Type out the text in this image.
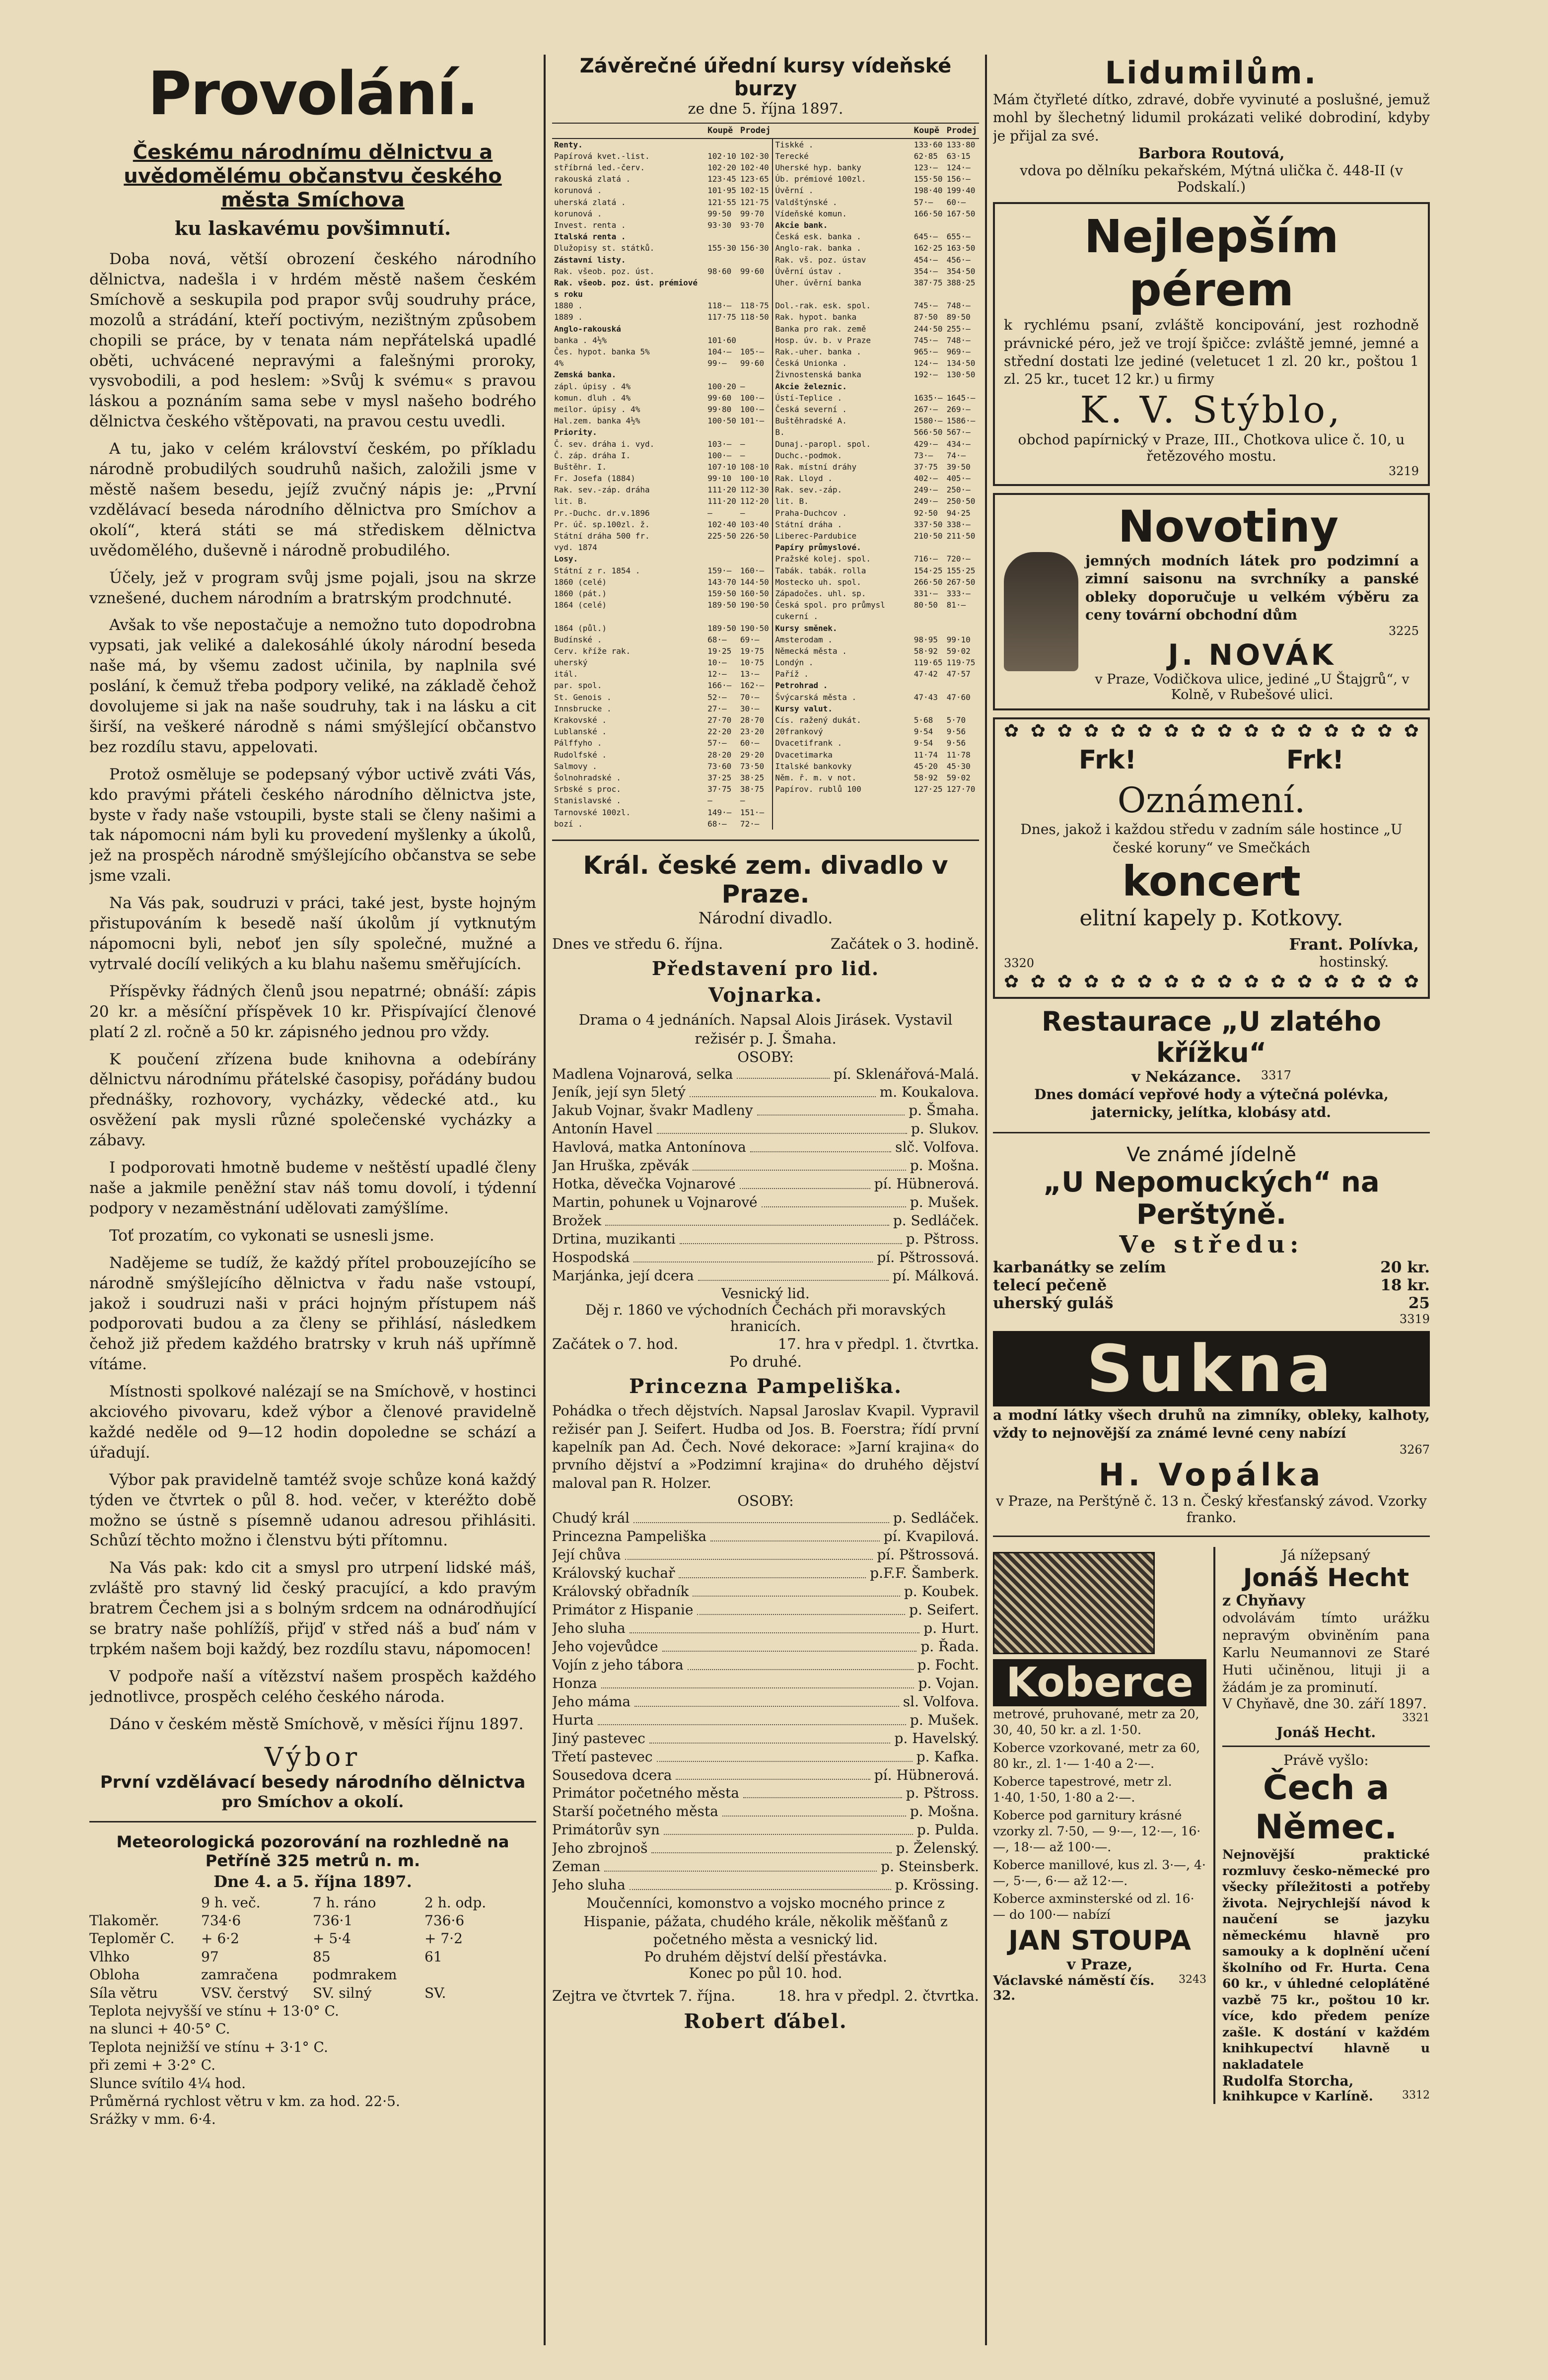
Provolání.
Českému národnímu dělnictvu a uvědomělému občanstvu českého města Smíchova
ku laskavému povšimnutí.

Doba nová, větší obrození českého národního dělnictva, nadešla i v hrdém městě našem českém Smíchově a seskupila pod prapor svůj soudruhy práce, mozolů a strádání, kteří poctivým, nezištným způsobem chopili se práce, by v tenata nám nepřátelská upadlé oběti, uchvácené nepravými a falešnými proroky, vysvobodili, a pod heslem: »Svůj k svému« s pravou láskou a poznáním sama sebe v mysl našeho bodrého dělnictva českého vštěpovati, na pravou cestu uvedli.

A tu, jako v celém království českém, po příkladu národně probudilých soudruhů našich, založili jsme v městě našem besedu, jejíž zvučný nápis je: „První vzdělávací beseda národního dělnictva pro Smíchov a okolí“, která státi se má střediskem dělnictva uvědomělého, duševně i národně probudilého.

Účely, jež v program svůj jsme pojali, jsou na skrze vznešené, duchem národním a bratrským prodchnuté.

Avšak to vše nepostačuje a nemožno tuto dopodrobna vypsati, jak veliké a dalekosáhlé úkoly národní beseda naše má, by všemu zadost učinila, by naplnila své poslání, k čemuž třeba podpory veliké, na základě čehož dovolujeme si jak na naše soudruhy, tak i na lásku a cit širší, na veškeré národně s námi smýšlející občanstvo bez rozdílu stavu, appelovati.

Protož osměluje se podepsaný výbor uctivě zváti Vás, kdo pravými přáteli českého národního dělnictva jste, byste v řady naše vstoupili, byste stali se členy našimi a tak nápomocni nám byli ku provedení myšlenky a úkolů, jež na prospěch národně smýšlejícího občanstva se sebe jsme vzali.

Na Vás pak, soudruzi v práci, také jest, byste hojným přistupováním k besedě naší úkolům jí vytknutým nápomocni byli, neboť jen síly společné, mužné a vytrvalé docílí velikých a ku blahu našemu směřujících.

Příspěvky řádných členů jsou nepatrné; obnáší: zápis 20 kr. a měsíční příspěvek 10 kr. Přispívající členové platí 2 zl. ročně a 50 kr. zápisného jednou pro vždy.

K poučení zřízena bude knihovna a odebírány dělnictvu národnímu přátelské časopisy, pořádány budou přednášky, rozhovory, vycházky, vědecké atd., ku osvěžení pak mysli různé společenské vycházky a zábavy.

I podporovati hmotně budeme v neštěstí upadlé členy naše a jakmile peněžní stav náš tomu dovolí, i týdenní podpory v nezaměstnání udělovati zamýšlíme.

Toť prozatím, co vykonati se usnesli jsme.

Nadějeme se tudíž, že každý přítel probouzejícího se národně smýšlejícího dělnictva v řadu naše vstoupí, jakož i soudruzi naši v práci hojným přístupem náš podporovati budou a za členy se přihlásí, následkem čehož již předem každého bratrsky v kruh náš upřímně vítáme.

Místnosti spolkové nalézají se na Smíchově, v hostinci akciového pivovaru, kdež výbor a členové pravidelně každé neděle od 9—12 hodin dopoledne se schází a úřadují.

Výbor pak pravidelně tamtéž svoje schůze koná každý týden ve čtvrtek o půl 8. hod. večer, v kteréžto době možno se ústně s písemně udanou adresou přihlásiti. Schůzí těchto možno i členstvu býti přítomnu.

Na Vás pak: kdo cit a smysl pro utrpení lidské máš, zvláště pro stavný lid český pracující, a kdo pravým bratrem Čechem jsi a s bolným srdcem na odnárodňující se bratry naše pohlížíš, přijď v střed náš a buď nám v trpkém našem boji každý, bez rozdílu stavu, nápomocen!

V podpoře naší a vítězství našem prospěch každého jednotlivce, prospěch celého českého národa.

Dáno v českém městě Smíchově, v měsíci říjnu 1897.

Výbor
První vzdělávací besedy národního dělnictva
pro Smíchov a okolí.
Meteorologická pozorování na rozhledně na Petříně 325 metrů n. m.
Dne 4. a 5. října 1897.
9 h. več.	7 h. ráno	2 h. odp.
Tlakoměr.	734·6	736·1	736·6
Teploměr C.	+ 6·2	+ 5·4	+ 7·2
Vlhko	97	85	61
Obloha	zamračena	podmrakem
Síla větru	VSV. čerstvý	SV. silný	SV.
Teplota nejvyšší ve stínu + 13·0° C.
na slunci + 40·5° C.
Teplota nejnižší ve stínu + 3·1° C.
při zemi + 3·2° C.
Slunce svítilo 4¼ hod.
Průměrná rychlost větru v km. za hod. 22·5.
Srážky v mm. 6·4.
Závěrečné úřední kursy vídeňské burzy
ze dne 5. října 1897.
	Koupě	Prodej		Koupě	Prodej
Renty.			Tiskké .	133·60	133·80
Papírová kvet.-list.	102·10	102·30	Terecké	62·85	63·15
stříbrná led.-červ.	102·20	102·40	Uherské hyp. banky	123·—	124·—
rakouská zlatá .	123·45	123·65	Úb. prémiové 100zl.	155·50	156·—
korunová .	101·95	102·15	Úvěrní .	198·40	199·40
uherská zlatá .	121·55	121·75	Valdštýnské .	57·—	60·—
korunová .	99·50	99·70	Vídeňské komun.	166·50	167·50
Invest. renta .	93·30	93·70	Akcie bank.		
Italská renta .			Česká esk. banka .	645·—	655·—
Dlužopisy st. státků.	155·30	156·30	Anglo-rak. banka .	162·25	163·50
Zástavní listy.			Rak. vš. poz. ústav	454·—	456·—
Rak. všeob. poz. úst.	98·60	99·60	Úvěrní ústav .	354·—	354·50
Rak. všeob. poz. úst. prémiové s roku			Uher. úvěrní banka	387·75	388·25
1880 .	118·—	118·75	Dol.-rak. esk. spol.	745·—	748·—
1889 .	117·75	118·50	Rak. hypot. banka	87·50	89·50
Anglo-rakouská			Banka pro rak. země	244·50	255·—
banka . 4½%	101·60		Hosp. úv. b. v Praze	745·—	748·—
Čes. hypot. banka 5%	104·—	105·—	Rak.-uher. banka .	965·—	969·—
4%	99·—	99·60	Česká Unionka .	124·—	134·50
Zemská banka.			Živnostenská banka	192·—	130·50
zápl. úpisy . 4%	100·20	—	Akcie železnic.		
komun. dluh . 4%	99·60	100·—	Ústí-Teplice .	1635·—	1645·—
meilor. úpisy . 4%	99·80	100·—	Česká severní .	267·—	269·—
Hal.zem. banka 4½%	100·50	101·—	Buštěhradské A.	1580·—	1586·—
Priority.			B.	566·50	567·—
Č. sev. dráha i. vyd.	103·—	—	Dunaj.-paropl. spol.	429·—	434·—
Č. záp. dráha I.	100·—	—	Duchc.-podmok.	73·—	74·—
Buštěhr. I.	107·10	108·10	Rak. místní dráhy	37·75	39·50
Fr. Josefa (1884)	99·10	100·10	Rak. Lloyd .	402·—	405·—
Rak. sev.-záp. dráha	111·20	112·30	Rak. sev.-záp.	249·—	250·—
lit. B.	111·20	112·20	lit. B.	249·—	250·50
Pr.-Duchc. dr.v.1896	—	—	Praha-Duchcov .	92·50	94·25
Pr. úč. sp.100zl. ž.	102·40	103·40	Státní dráha .	337·50	338·—
Státní dráha 500 fr.	225·50	226·50	Liberec-Pardubice	210·50	211·50
vyd. 1874			Papíry průmyslové.		
Losy.			Pražské kolej. spol.	716·—	720·—
Státní z r. 1854 .	159·—	160·—	Tabák. tabák. rolla	154·25	155·25
1860 (celé)	143·70	144·50	Mostecko uh. spol.	266·50	267·50
1860 (pát.)	159·50	160·50	Západočes. uhl. sp.	331·—	333·—
1864 (celé)	189·50	190·50	Česká spol. pro průmysl cukerní .	80·50	81·—
1864 (půl.)	189·50	190·50	Kursy směnek.		
Budínské .	68·—	69·—	Amsterodam .	98·95	99·10
Cerv. kříže rak.	19·25	19·75	Německá města .	58·92	59·02
uherský	10·—	10·75	Londýn .	119·65	119·75
itál.	12·—	13·—	Paříž .	47·42	47·57
par. spol.	166·—	162·—	Petrohrad .		
St. Genois .	52·—	70·—	Švýcarská města .	47·43	47·60
Innsbrucke .	27·—	30·—	Kursy valut.		
Krakovské .	27·70	28·70	Cís. ražený dukát.	5·68	5·70
Lublanské .	22·20	23·20	20frankový	9·54	9·56
Pálffyho .	57·—	60·—	Dvacetifrank .	9·54	9·56
Rudolfské .	28·20	29·20	Dvacetimarka	11·74	11·78
Salmovy .	73·60	73·50	Italské bankovky	45·20	45·30
Šolnohradské .	37·25	38·25	Něm. ř. m. v not.	58·92	59·02
Srbské s proc.	37·75	38·75	Papírov. rublů 100	127·25	127·70
Stanislavské .	—	—			
Tarnovské 100zl.	149·—	151·—			
bozí .	68·—	72·—			
Král. české zem. divadlo v Praze.
Národní divadlo.
Dnes ve středu 6. října.	Začátek o 3. hodině.
Představení pro lid.
Vojnarka.
Drama o 4 jednáních. Napsal Alois Jirásek. Vystavil režisér p. J. Šmaha.
OSOBY:
Madlena Vojnarová, selka	pí. Sklenářová-Malá.
Jeník, její syn 5letý	m. Koukalova.
Jakub Vojnar, švakr Madleny	p. Šmaha.
Antonín Havel	p. Slukov.
Havlová, matka Antonínova	slč. Volfova.
Jan Hruška, zpěvák	p. Mošna.
Hotka, děvečka Vojnarové	pí. Hübnerová.
Martin, pohunek u Vojnarové	p. Mušek.
Brožek	p. Sedláček.
Drtina, muzikanti	p. Pštross.
Hospodská	pí. Pštrossová.
Marjánka, její dcera	pí. Málková.
Vesnický lid.
Děj r. 1860 ve východních Čechách při moravských hranicích.
Začátek o 7. hod.	17. hra v předpl. 1. čtvrtka.
Po druhé.
Princezna Pampeliška.
Pohádka o třech dějstvích. Napsal Jaroslav Kvapil. Vypravil režisér pan J. Seifert. Hudba od Jos. B. Foerstra; řídí první kapelník pan Ad. Čech. Nové dekorace: »Jarní krajina« do prvního dějství a »Podzimní krajina« do druhého dějství maloval pan R. Holzer.
OSOBY:
Chudý král	p. Sedláček.
Princezna Pampeliška	pí. Kvapilová.
Její chůva	pí. Pštrossová.
Královský kuchař	p.F.F. Šamberk.
Královský obřadník	p. Koubek.
Primátor z Hispanie	p. Seifert.
Jeho sluha	p. Hurt.
Jeho vojevůdce	p. Řada.
Vojín z jeho tábora	p. Focht.
Honza	p. Vojan.
Jeho máma	sl. Volfova.
Hurta	p. Mušek.
Jiný pastevec	p. Havelský.
Třetí pastevec	p. Kafka.
Sousedova dcera	pí. Hübnerová.
Primátor početného města	p. Pštross.
Starší početného města	p. Mošna.
Primátorův syn	p. Pulda.
Jeho zbrojnoš	p. Želenský.
Zeman	p. Steinsberk.
Jeho sluha	p. Krössing.
Moučenníci, komonstvo a vojsko mocného prince z Hispanie, pážata, chudého krále, několik měšťanů z početného města a vesnický lid.
Po druhém dějství delší přestávka.
Konec po půl 10. hod.
Zejtra ve čtvrtek 7. října.	18. hra v předpl. 2. čtvrtka.
Robert ďábel.
Lidumilům.
Mám čtyřleté dítko, zdravé, dobře vyvinuté a poslušné, jemuž mohl by šlechetný lidumil prokázati veliké dobrodiní, kdyby je přijal za své.
Barbora Routová,
vdova po dělníku pekařském, Mýtná ulička č. 448-II (v Podskalí.)
Nejlepším pérem
k rychlému psaní, zvláště koncipování, jest rozhodně právnické péro, jež ve trojí špičce: zvláště jemné, jemné a střední dostati lze jediné (veletucet 1 zl. 20 kr., poštou 1 zl. 25 kr., tucet 12 kr.) u firmy
K. V. Stýblo,
obchod papírnický v Praze, III., Chotkova ulice č. 10, u řetězového mostu.
3219
Novotiny
jemných modních látek pro podzimní a zimní saisonu na svrchníky a panské obleky doporučuje u velkém výběru za ceny tovární obchodní dům
3225
J. NOVÁK
v Praze, Vodičkova ulice, jediné „U Štajgrů“, v Kolně, v Rubešové ulici.
✿ ✿ ✿ ✿ ✿ ✿ ✿ ✿ ✿ ✿ ✿ ✿ ✿ ✿ ✿ ✿
Frk!	Frk!
Oznámení.
Dnes, jakož i každou středu v zadním sále hostince „U české koruny“ ve Smečkách
koncert
elitní kapely p. Kotkovy.
3320
Frant. Polívka,
hostinský.
✿ ✿ ✿ ✿ ✿ ✿ ✿ ✿ ✿ ✿ ✿ ✿ ✿ ✿ ✿ ✿
Restaurace „U zlatého křížku“
v Nekázance. 3317
Dnes domácí vepřové hody a výtečná polévka, jaternicky, jelítka, klobásy atd.
Ve známé jídelně
„U Nepomuckých“ na Perštýně.
Ve středu:
karbanátky se zelím	20 kr.
telecí pečeně	18 kr.
uherský guláš	25
3319
Sukna
a modní látky všech druhů na zimníky, obleky, kalhoty, vždy to nejnovější za známé levné ceny nabízí
3267
H. Vopálka
v Praze, na Perštýně č. 13 n. Český křesťanský závod. Vzorky franko.
Koberce
metrové, pruhované, metr za 20, 30, 40, 50 kr. a zl. 1·50.
Koberce vzorkované, metr za 60, 80 kr., zl. 1·— 1·40 a 2·—.
Koberce tapestrové, metr zl. 1·40, 1·50, 1·80 a 2·—.
Koberce pod garnitury krásné vzorky zl. 7·50, — 9·—, 12·—, 16·—, 18·— až 100·—.
Koberce manillové, kus zl. 3·—, 4·—, 5·—, 6·— až 12·—.
Koberce axminsterské od zl. 16·— do 100·— nabízí
JAN STOUPA
v Praze,
Václavské náměstí čís. 32.
3243
Já nížepsaný
Jonáš Hecht
z Chyňavy
odvolávám tímto urážku nepravým obviněním pana Karlu Neumannovi ze Staré Huti učiněnou, lituji ji a žádám je za prominutí.
V Chyňavě, dne 30. září 1897.
3321
Jonáš Hecht.
Právě vyšlo:
Čech a Němec.
Nejnovější praktické rozmluvy česko-německé pro všecky příležitosti a potřeby života. Nejrychlejší návod k naučení se jazyku německému hlavně pro samouky a k doplnění učení školního od Fr. Hurta. Cena 60 kr., v úhledné celoplátěné vazbě 75 kr., poštou 10 kr. více, kdo předem peníze zašle. K dostání v každém knihkupectví hlavně u nakladatele
Rudolfa Storcha,
knihkupce v Karlíně.	3312
